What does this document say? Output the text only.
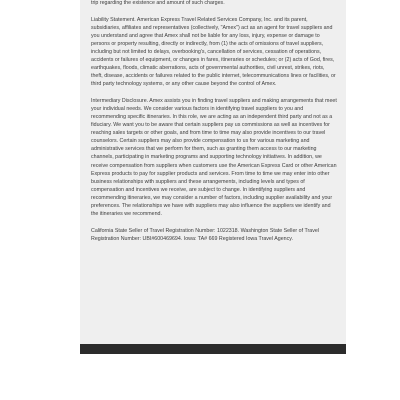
trip regarding the existence and amount of such charges.

Liability Statement. American Express Travel Related Services Company, Inc. and its parent, subsidiaries, affiliates and representatives (collectively, "Amex") act as an agent for travel suppliers and you understand and agree that Amex shall not be liable for any loss, injury, expense or damage to persons or property resulting, directly or indirectly, from (1) the acts of omissions of travel suppliers, including but not limited to delays, overbooking's, cancellation of services, cessation of operations, accidents or failures of equipment, or changes in fares, itineraries or schedules; or (2) acts of God, fires, earthquakes, floods, climatic aberrations, acts of governmental authorities, civil unrest, strikes, riots, theft, disease, accidents or failures related to the public internet, telecommunications lines or facilities, or third party technology systems, or any other cause beyond the control of Amex.

Intermediary Disclosure. Amex assists you in finding travel suppliers and making arrangements that meet your individual needs. We consider various factors in identifying travel suppliers to you and recommending specific itineraries. In this role, we are acting as an independent third party and not as a fiduciary. We want you to be aware that certain suppliers pay us commissions as well as incentives for reaching sales targets or other goals, and from time to time may also provide incentives to our travel counselors. Certain suppliers may also provide compensation to us for various marketing and administrative services that we perform for them, such as granting them access to our marketing channels, participating in marketing programs and supporting technology initiatives. In addition, we receive compensation from suppliers when customers use the American Express Card or other American Express products to pay for supplier products and services. From time to time we may enter into other business relationships with suppliers and these arrangements, including levels and types of compensation and incentives we receive, are subject to change. In identifying suppliers and recommending itineraries, we may consider a number of factors, including supplier availability and your preferences. The relationships we have with suppliers may also influence the suppliers we identify and the itineraries we recommend.

California State Seller of Travel Registration Number: 1022318. Washington State Seller of Travel Registration Number: UBI#600469694. Iowa: TA# 669 Registered Iowa Travel Agency.
